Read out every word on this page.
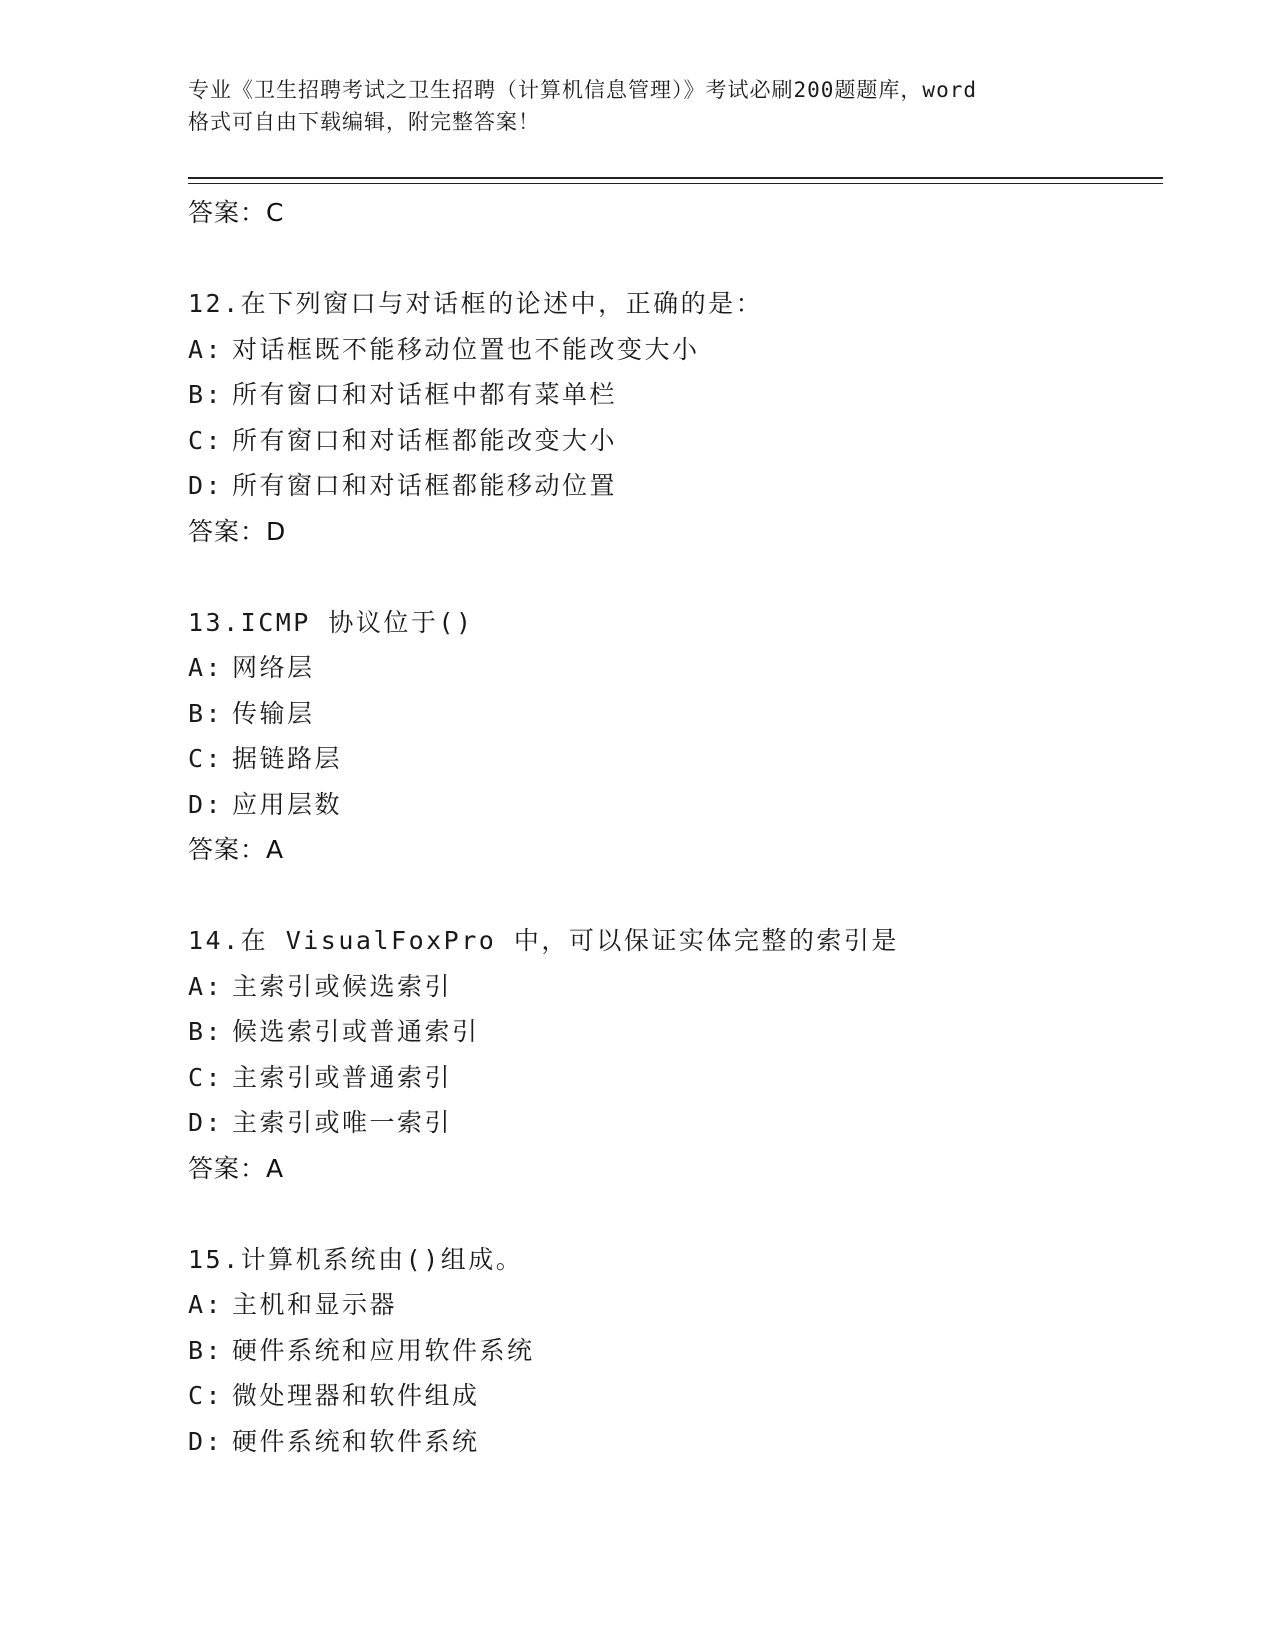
专业《卫生招聘考试之卫生招聘（计算机信息管理）》考试必刷200题题库，word
格式可自由下载编辑，附完整答案！
答案：C
12.在下列窗口与对话框的论述中，正确的是：
A: 对话框既不能移动位置也不能改变大小
B: 所有窗口和对话框中都有菜单栏
C: 所有窗口和对话框都能改变大小
D: 所有窗口和对话框都能移动位置
答案：D
13.ICMP 协议位于()
A: 网络层
B: 传输层
C: 据链路层
D: 应用层数
答案：A
14.在 VisualFoxPro 中，可以保证实体完整的索引是
A: 主索引或候选索引
B: 候选索引或普通索引
C: 主索引或普通索引
D: 主索引或唯一索引
答案：A
15.计算机系统由()组成。
A: 主机和显示器
B: 硬件系统和应用软件系统
C: 微处理器和软件组成
D: 硬件系统和软件系统
